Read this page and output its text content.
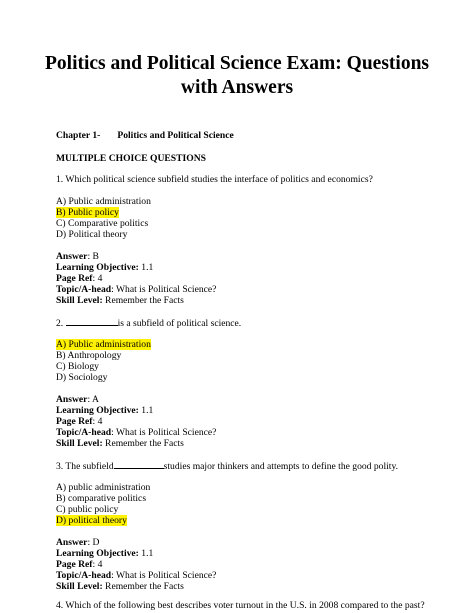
Politics and Political Science Exam: Questions
with Answers
Chapter 1- Politics and Political Science
MULTIPLE CHOICE QUESTIONS
1. Which political science subfield studies the interface of politics and economics?
A) Public administration
B) Public policy
C) Comparative politics
D) Political theory
Answer: B
Learning Objective: 1.1
Page Ref: 4
Topic/A-head: What is Political Science?
Skill Level: Remember the Facts
2.	is a subfield of political science.
A) Public administration
B) Anthropology
C) Biology
D) Sociology
Answer: A
Learning Objective: 1.1
Page Ref: 4
Topic/A-head: What is Political Science?
Skill Level: Remember the Facts
3. The subfield	studies major thinkers and attempts to define the good polity.
A) public administration
B) comparative politics
C) public policy
D) political theory
Answer: D
Learning Objective: 1.1
Page Ref: 4
Topic/A-head: What is Political Science?
Skill Level: Remember the Facts
4. Which of the following best describes voter turnout in the U.S. in 2008 compared to the past?
